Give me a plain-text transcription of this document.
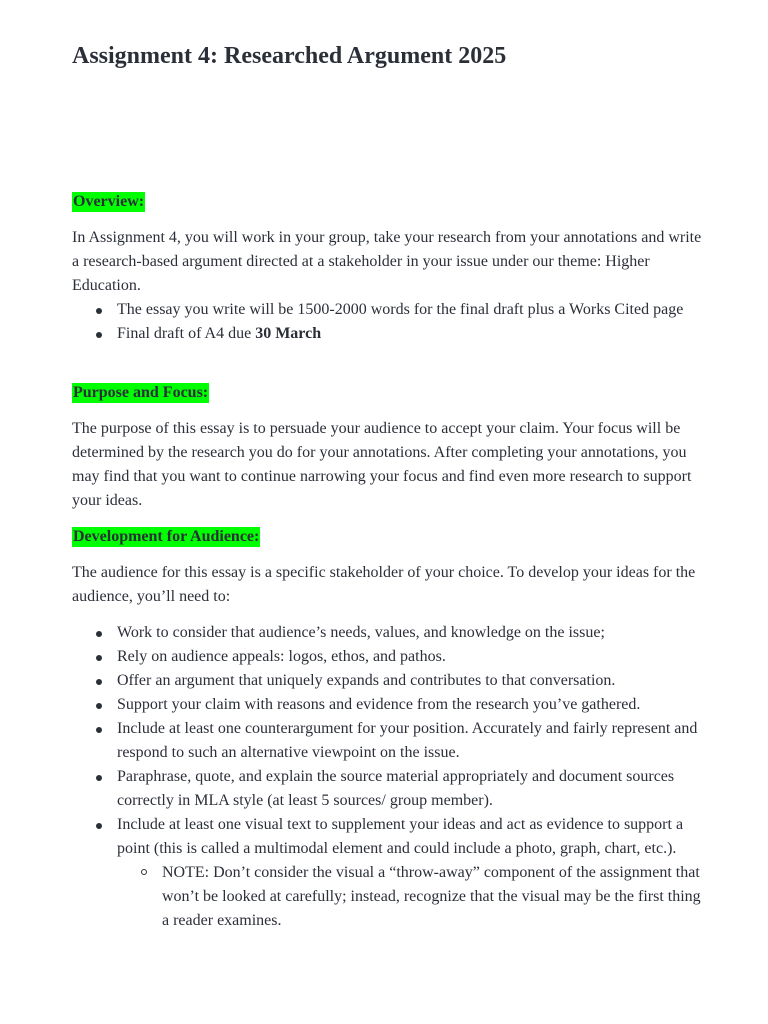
Assignment 4: Researched Argument 2025
Overview:

In Assignment 4, you will work in your group, take your research from your annotations and write a research-based argument directed at a stakeholder in your issue under our theme: Higher Education.

The essay you write will be 1500-2000 words for the final draft plus a Works Cited page
Final draft of A4 due 30 March
Purpose and Focus:

The purpose of this essay is to persuade your audience to accept your claim. Your focus will be determined by the research you do for your annotations. After completing your annotations, you may find that you want to continue narrowing your focus and find even more research to support your ideas.

Development for Audience:

The audience for this essay is a specific stakeholder of your choice. To develop your ideas for the audience, you’ll need to:

Work to consider that audience’s needs, values, and knowledge on the issue;
Rely on audience appeals: logos, ethos, and pathos.
Offer an argument that uniquely expands and contributes to that conversation.
Support your claim with reasons and evidence from the research you’ve gathered.
Include at least one counterargument for your position. Accurately and fairly represent and respond to such an alternative viewpoint on the issue.
Paraphrase, quote, and explain the source material appropriately and document sources correctly in MLA style (at least 5 sources/ group member).
Include at least one visual text to supplement your ideas and act as evidence to support a point (this is called a multimodal element and could include a photo, graph, chart, etc.).
NOTE: Don’t consider the visual a “throw-away” component of the assignment that won’t be looked at carefully; instead, recognize that the visual may be the first thing a reader examines.
